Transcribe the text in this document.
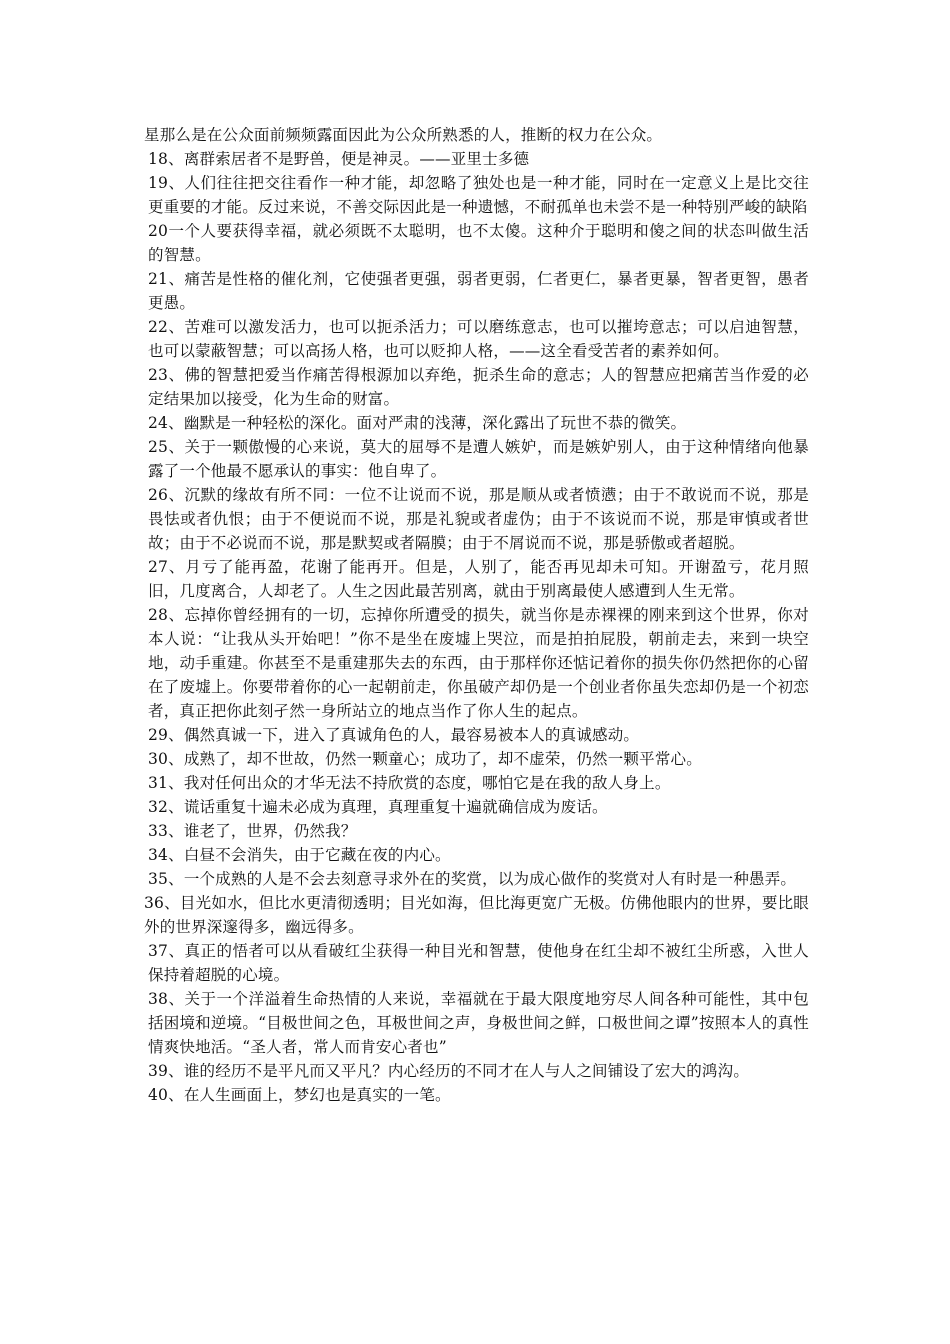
星那么是在公众面前频频露面因此为公众所熟悉的人，推断的权力在公众。

18、离群索居者不是野兽，便是神灵。——亚里士多德

19、人们往往把交往看作一种才能，却忽略了独处也是一种才能，同时在一定意义上是比交往更重要的才能。反过来说，不善交际因此是一种遗憾，不耐孤单也未尝不是一种特别严峻的缺陷

20一个人要获得幸福，就必须既不太聪明，也不太傻。这种介于聪明和傻之间的状态叫做生活的智慧。

21、痛苦是性格的催化剂，它使强者更强，弱者更弱，仁者更仁，暴者更暴，智者更智，愚者更愚。

22、苦难可以激发活力，也可以扼杀活力；可以磨练意志，也可以摧垮意志；可以启迪智慧，也可以蒙蔽智慧；可以高扬人格，也可以贬抑人格，——这全看受苦者的素养如何。

23、佛的智慧把爱当作痛苦得根源加以弃绝，扼杀生命的意志；人的智慧应把痛苦当作爱的必定结果加以接受，化为生命的财富。

24、幽默是一种轻松的深化。面对严肃的浅薄，深化露出了玩世不恭的微笑。

25、关于一颗傲慢的心来说，莫大的屈辱不是遭人嫉妒，而是嫉妒别人，由于这种情绪向他暴露了一个他最不愿承认的事实：他自卑了。

26、沉默的缘故有所不同：一位不让说而不说，那是顺从或者愤懑；由于不敢说而不说，那是畏怯或者仇恨；由于不便说而不说，那是礼貌或者虚伪；由于不该说而不说，那是审慎或者世故；由于不必说而不说，那是默契或者隔膜；由于不屑说而不说，那是骄傲或者超脱。

27、月亏了能再盈，花谢了能再开。但是，人别了，能否再见却未可知。开谢盈亏，花月照旧，几度离合，人却老了。人生之因此最苦别离，就由于别离最使人感遭到人生无常。

28、忘掉你曾经拥有的一切，忘掉你所遭受的损失，就当你是赤裸裸的刚来到这个世界，你对本人说：“让我从头开始吧！”你不是坐在废墟上哭泣，而是拍拍屁股，朝前走去，来到一块空地，动手重建。你甚至不是重建那失去的东西，由于那样你还惦记着你的损失你仍然把你的心留在了废墟上。你要带着你的心一起朝前走，你虽破产却仍是一个创业者你虽失恋却仍是一个初恋者，真正把你此刻孑然一身所站立的地点当作了你人生的起点。

29、偶然真诚一下，进入了真诚角色的人，最容易被本人的真诚感动。

30、成熟了，却不世故，仍然一颗童心；成功了，却不虚荣，仍然一颗平常心。

31、我对任何出众的才华无法不持欣赏的态度，哪怕它是在我的敌人身上。

32、谎话重复十遍未必成为真理，真理重复十遍就确信成为废话。

33、谁老了，世界，仍然我？

34、白昼不会消失，由于它藏在夜的内心。

35、一个成熟的人是不会去刻意寻求外在的奖赏，以为成心做作的奖赏对人有时是一种愚弄。

36、目光如水，但比水更清彻透明；目光如海，但比海更宽广无极。仿佛他眼内的世界，要比眼外的世界深邃得多，幽远得多。

37、真正的悟者可以从看破红尘获得一种目光和智慧，使他身在红尘却不被红尘所惑，入世人保持着超脱的心境。

38、关于一个洋溢着生命热情的人来说，幸福就在于最大限度地穷尽人间各种可能性，其中包括困境和逆境。“目极世间之色，耳极世间之声，身极世间之鲜，口极世间之谭”按照本人的真性情爽快地活。“圣人者，常人而肯安心者也”

39、谁的经历不是平凡而又平凡？内心经历的不同才在人与人之间铺设了宏大的鸿沟。

40、在人生画面上，梦幻也是真实的一笔。
